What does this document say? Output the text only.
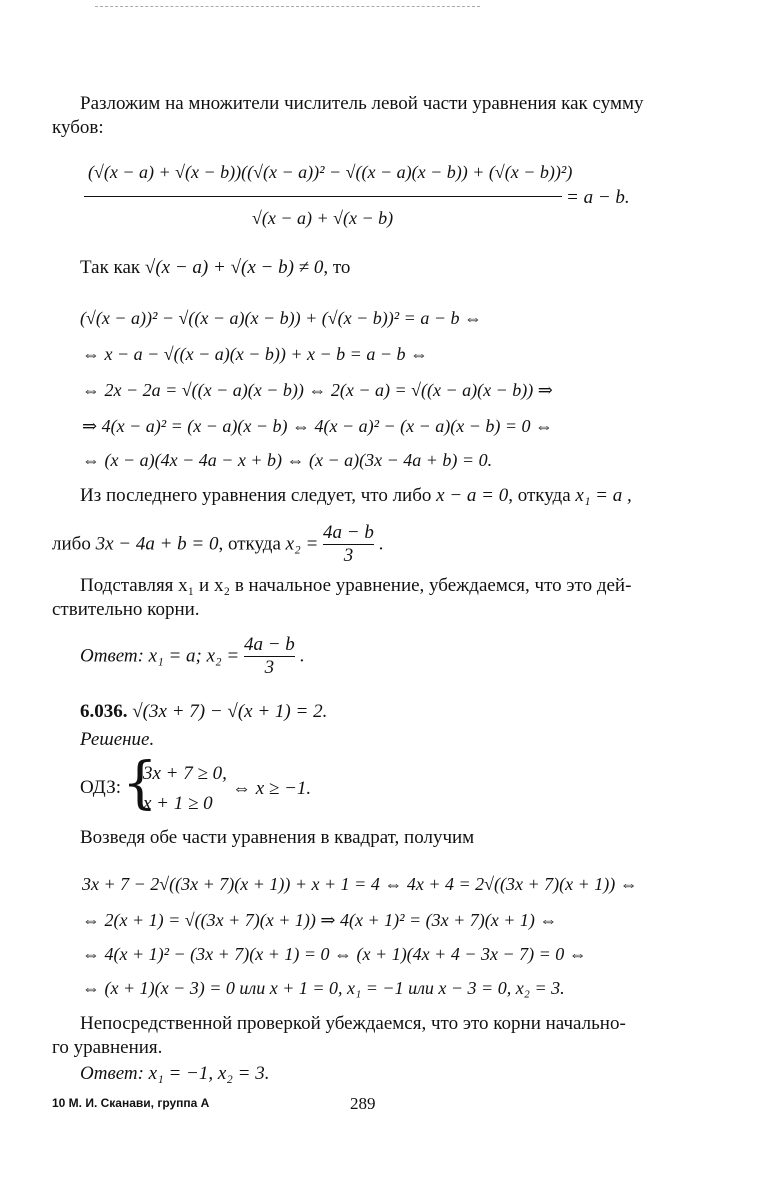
Разложим на множители числитель левой части уравнения как сумму
кубов:
(√(x − a) + √(x − b))((√(x − a))² − √((x − a)(x − b)) + (√(x − b))²)
= a − b.
√(x − a) + √(x − b)
Так как √(x − a) + √(x − b) ≠ 0, то
(√(x − a))² − √((x − a)(x − b)) + (√(x − b))² = a − b ⇔
⇔ x − a − √((x − a)(x − b)) + x − b = a − b ⇔
⇔ 2x − 2a = √((x − a)(x − b)) ⇔ 2(x − a) = √((x − a)(x − b)) ⇒
⇒ 4(x − a)² = (x − a)(x − b) ⇔ 4(x − a)² − (x − a)(x − b) = 0 ⇔
⇔ (x − a)(4x − 4a − x + b) ⇔ (x − a)(3x − 4a + b) = 0.
Из последнего уравнения следует, что либо x − a = 0, откуда x₁ = a ,
либо 3x − 4a + b = 0, откуда $x_2 = \frac{4a - b}{3}$ .
Подставляя x₁ и x₂ в начальное уравнение, убеждаемся, что это дей-
ствительно корни.
Ответ: x₁ = a; $x_2 = \frac{4a - b}{3}$ .
6.036. √(3x + 7) − √(x + 1) = 2.
Решение.
ОДЗ: {
3x + 7 ≥ 0,
x + 1 ≥ 0
⇔ x ≥ −1.
Возведя обе части уравнения в квадрат, получим
3x + 7 − 2√((3x + 7)(x + 1)) + x + 1 = 4 ⇔ 4x + 4 = 2√((3x + 7)(x + 1)) ⇔
⇔ 2(x + 1) = √((3x + 7)(x + 1)) ⇒ 4(x + 1)² = (3x + 7)(x + 1) ⇔
⇔ 4(x + 1)² − (3x + 7)(x + 1) = 0 ⇔ (x + 1)(4x + 4 − 3x − 7) = 0 ⇔
⇔ (x + 1)(x − 3) = 0 или x + 1 = 0, x₁ = −1 или x − 3 = 0, x₂ = 3.
Непосредственной проверкой убеждаемся, что это корни начально-
го уравнения.
Ответ: x₁ = −1, x₂ = 3.
10 М. И. Сканави, группа А	289
